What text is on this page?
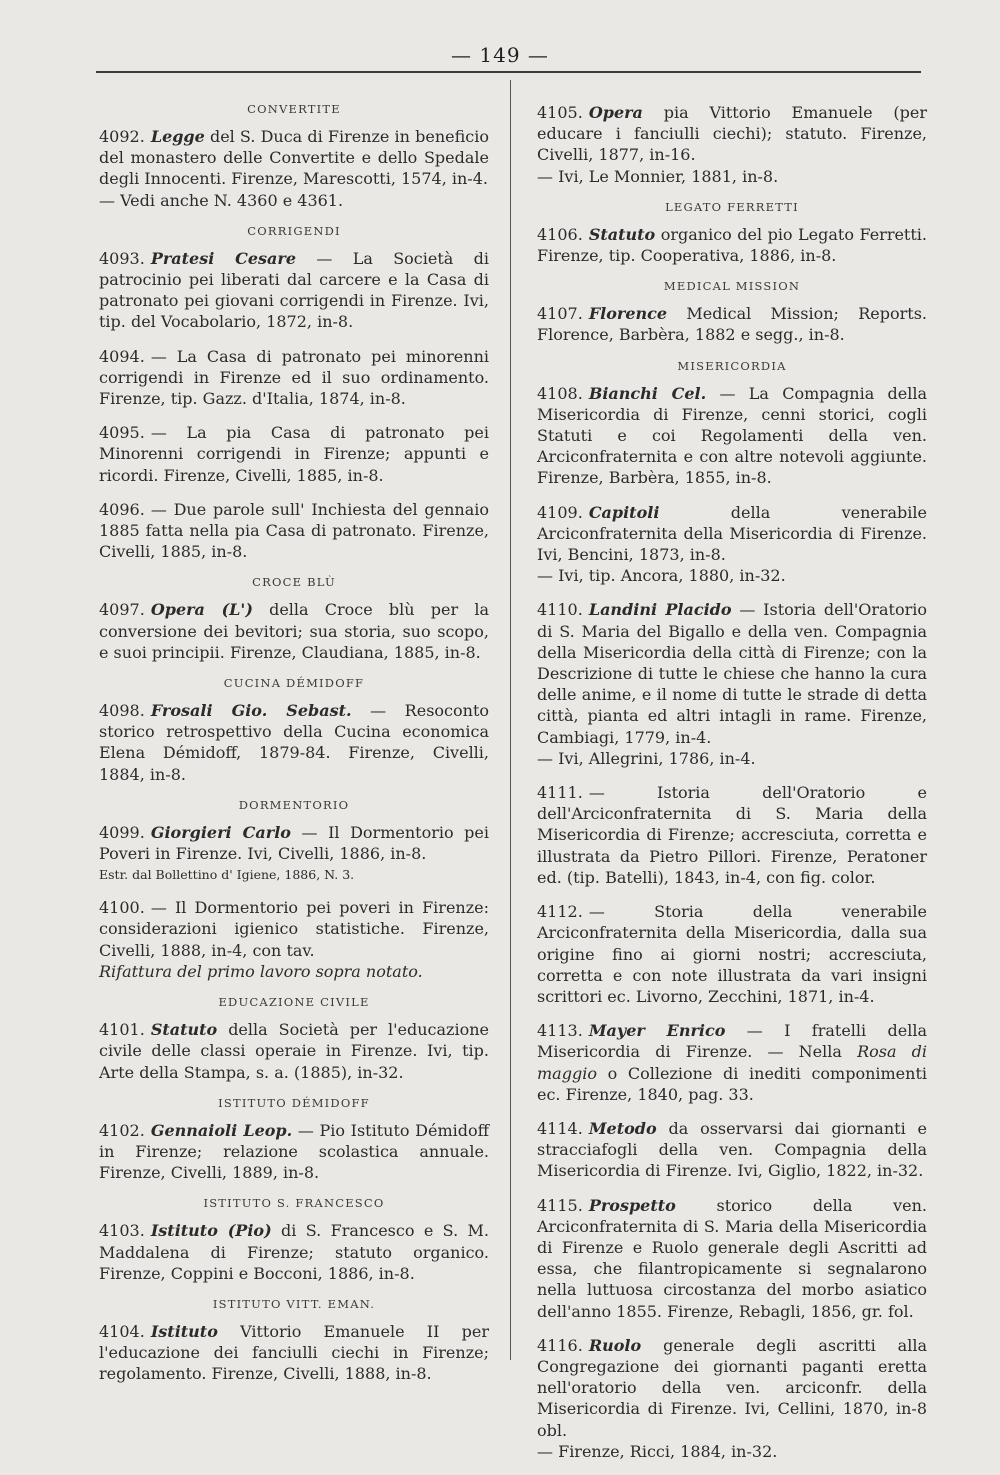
— 149 —
CONVERTITE
4092. Legge del S. Duca di Firenze in beneficio del monastero delle Convertite e dello Spedale degli Innocenti. Firenze, Marescotti, 1574, in-4.
— Vedi anche N. 4360 e 4361.
CORRIGENDI
4093. Pratesi Cesare — La Società di patrocinio pei liberati dal carcere e la Casa di patronato pei giovani corrigendi in Firenze. Ivi, tip. del Vocabolario, 1872, in-8.
4094. — La Casa di patronato pei minorenni corrigendi in Firenze ed il suo ordinamento. Firenze, tip. Gazz. d'Italia, 1874, in-8.
4095. — La pia Casa di patronato pei Minorenni corrigendi in Firenze; appunti e ricordi. Firenze, Civelli, 1885, in-8.
4096. — Due parole sull' Inchiesta del gennaio 1885 fatta nella pia Casa di patronato. Firenze, Civelli, 1885, in-8.
CROCE BLÙ
4097. Opera (L') della Croce blù per la conversione dei bevitori; sua storia, suo scopo, e suoi principii. Firenze, Claudiana, 1885, in-8.
CUCINA DÉMIDOFF
4098. Frosali Gio. Sebast. — Resoconto storico retrospettivo della Cucina economica Elena Démidoff, 1879-84. Firenze, Civelli, 1884, in-8.
DORMENTORIO
4099. Giorgieri Carlo — Il Dormentorio pei Poveri in Firenze. Ivi, Civelli, 1886, in-8.
Estr. dal Bollettino d' Igiene, 1886, N. 3.
4100. — Il Dormentorio pei poveri in Firenze: considerazioni igienico statistiche. Firenze, Civelli, 1888, in-4, con tav.
Rifattura del primo lavoro sopra notato.
EDUCAZIONE CIVILE
4101. Statuto della Società per l'educazione civile delle classi operaie in Firenze. Ivi, tip. Arte della Stampa, s. a. (1885), in-32.
ISTITUTO DÉMIDOFF
4102. Gennaioli Leop. — Pio Istituto Démidoff in Firenze; relazione scolastica annuale. Firenze, Civelli, 1889, in-8.
ISTITUTO S. FRANCESCO
4103. Istituto (Pio) di S. Francesco e S. M. Maddalena di Firenze; statuto organico. Firenze, Coppini e Bocconi, 1886, in-8.
ISTITUTO VITT. EMAN.
4104. Istituto Vittorio Emanuele II per l'educazione dei fanciulli ciechi in Firenze; regolamento. Firenze, Civelli, 1888, in-8.
4105. Opera pia Vittorio Emanuele (per educare i fanciulli ciechi); statuto. Firenze, Civelli, 1877, in-16.
— Ivi, Le Monnier, 1881, in-8.
LEGATO FERRETTI
4106. Statuto organico del pio Legato Ferretti. Firenze, tip. Cooperativa, 1886, in-8.
MEDICAL MISSION
4107. Florence Medical Mission; Reports. Florence, Barbèra, 1882 e segg., in-8.
MISERICORDIA
4108. Bianchi Cel. — La Compagnia della Misericordia di Firenze, cenni storici, cogli Statuti e coi Regolamenti della ven. Arciconfraternita e con altre notevoli aggiunte. Firenze, Barbèra, 1855, in-8.
4109. Capitoli	della venerabile Arciconfraternita della Misericordia di Firenze. Ivi, Bencini, 1873, in-8.
— Ivi, tip. Ancora, 1880, in-32.
4110. Landini Placido — Istoria dell'Oratorio di S. Maria del Bigallo e della ven. Compagnia della Misericordia della città di Firenze; con la Descrizione di tutte le chiese che hanno la cura delle anime, e il nome di tutte le strade di detta città, pianta ed altri intagli in rame. Firenze, Cambiagi, 1779, in-4.
— Ivi, Allegrini, 1786, in-4.
4111. — Istoria dell'Oratorio e dell'Arciconfraternita di S. Maria della Misericordia di Firenze; accresciuta, corretta e illustrata da Pietro Pillori. Firenze, Peratoner ed. (tip. Batelli), 1843, in-4, con fig. color.
4112. — Storia della venerabile Arciconfraternita della Misericordia, dalla sua origine fino ai giorni nostri; accresciuta, corretta e con note illustrata da vari insigni scrittori ec. Livorno, Zecchini, 1871, in-4.
4113. Mayer Enrico — I fratelli della Misericordia di Firenze. — Nella Rosa di maggio o Collezione di inediti componimenti ec. Firenze, 1840, pag. 33.
4114. Metodo da osservarsi dai giornanti e stracciafogli della ven. Compagnia della Misericordia di Firenze. Ivi, Giglio, 1822, in-32.
4115. Prospetto	storico della ven. Arciconfraternita di S. Maria della Misericordia di Firenze e Ruolo generale degli Ascritti ad essa, che filantropicamente si segnalarono nella luttuosa circostanza del morbo asiatico dell'anno 1855. Firenze, Rebagli, 1856, gr. fol.
4116. Ruolo generale degli ascritti alla Congregazione dei giornanti paganti eretta nell'oratorio della ven. arciconfr. della Misericordia di Firenze. Ivi, Cellini, 1870, in-8 obl.
— Firenze, Ricci, 1884, in-32.
